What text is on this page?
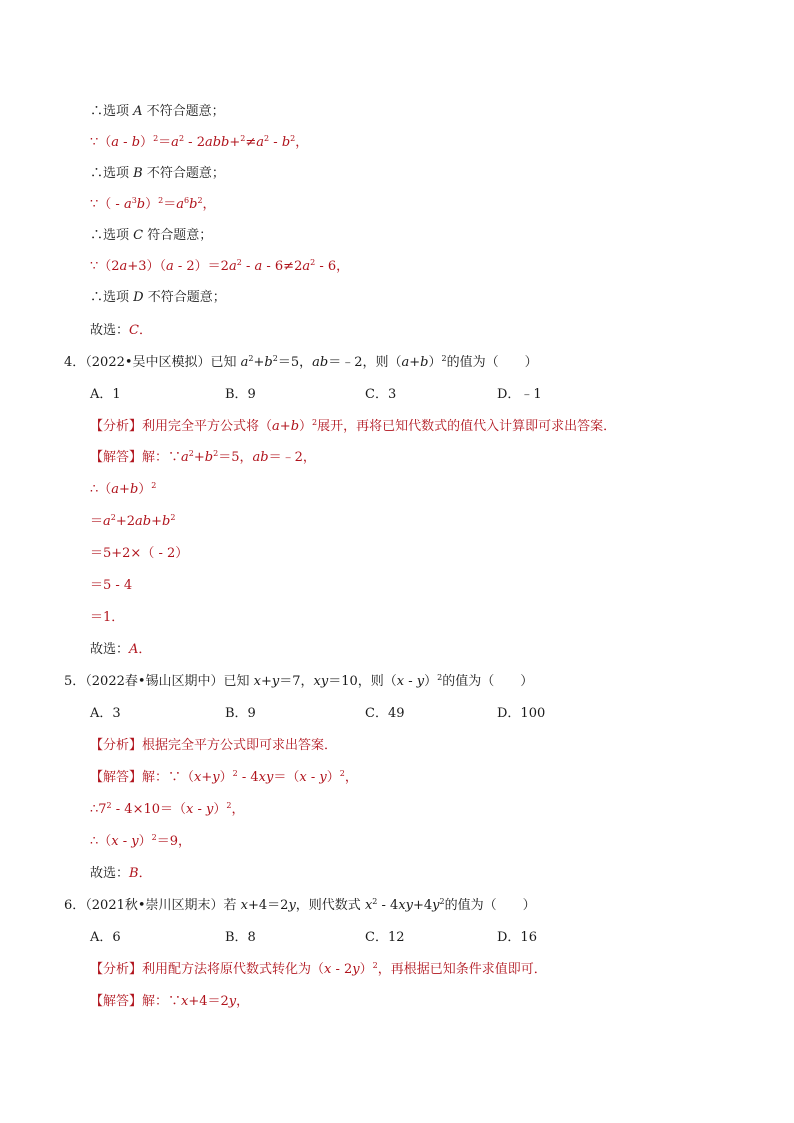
∴选项 A 不符合题意；
∵（a - $b)^2=a^2 - 2abb+^2\ne a^2 - b^2$，
∴选项 B 不符合题意；
∵（ - $a^3b)^2=a^6b^2$，
∴选项 C 符合题意；
∵（2a+3）（a - $2)=2a^2 - a - 6\ne 2a^2 - 6$，
∴选项 D 不符合题意；
故选：C．
4．（2022•吴中区模拟）已知 $a^2+b^2=5$，ab＝﹣2，则$(a+b)^2$的值为（　　）
A．1	B．9	C．3	D．﹣1
【分析】利用完全平方公式将$(a+b)^2$展开，再将已知代数式的值代入计算即可求出答案．
【解答】解：$\because a^2+b^2=5$，ab＝﹣2，
$\therefore(a+b)^2$
$=a^2+2ab+b^2$
＝5+2×（ - 2）
＝5 - 4
＝1．
故选：A．
5．（2022春•锡山区期中）已知 x+y＝7，xy＝10，则（x - y）$^2$的值为（　　）
A．3	B．9	C．49	D．100
【分析】根据完全平方公式即可求出答案．
【解答】解：$\because(x+y)^2 - 4xy=(x - y)^2$，
$\therefore 7^2 - 4\times 10=(x - y)^2$，
∴（x - y）$^2$＝9，
故选：B．
6．（2021秋•崇川区期末）若 x+4＝2y，则代数式 $x^2 - 4xy+4y^2$的值为（　　）
A．6	B．8	C．12	D．16
【分析】利用配方法将原代数式转化为（x - 2y）$^2$，再根据已知条件求值即可．
【解答】解：∵x+4＝2y，
